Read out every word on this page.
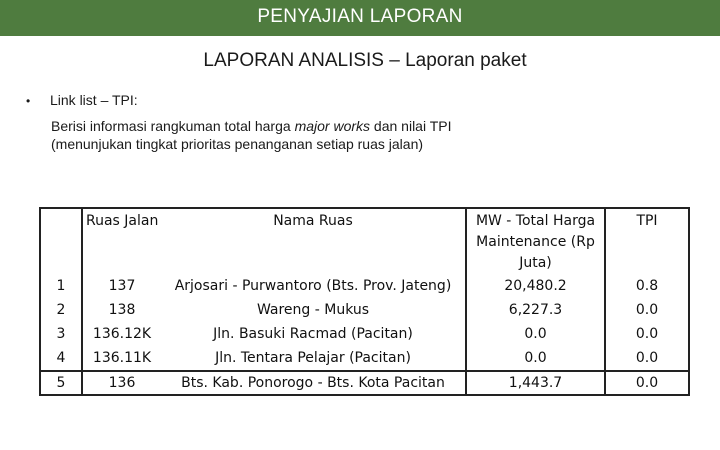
PENYAJIAN LAPORAN
LAPORAN ANALISIS – Laporan paket
• Link list – TPI:
Berisi informasi rangkuman total harga major works dan nilai TPI
(menunjukan tingkat prioritas penanganan setiap ruas jalan)
	Ruas Jalan	Nama Ruas	MW - Total Harga
Maintenance (Rp
Juta)	TPI
1	137	Arjosari - Purwantoro (Bts. Prov. Jateng)	20,480.2	0.8
2	138	Wareng - Mukus	6,227.3	0.0
3	136.12K	Jln. Basuki Racmad (Pacitan)	0.0	0.0
4	136.11K	Jln. Tentara Pelajar (Pacitan)	0.0	0.0
5	136	Bts. Kab. Ponorogo - Bts. Kota Pacitan	1,443.7	0.0
